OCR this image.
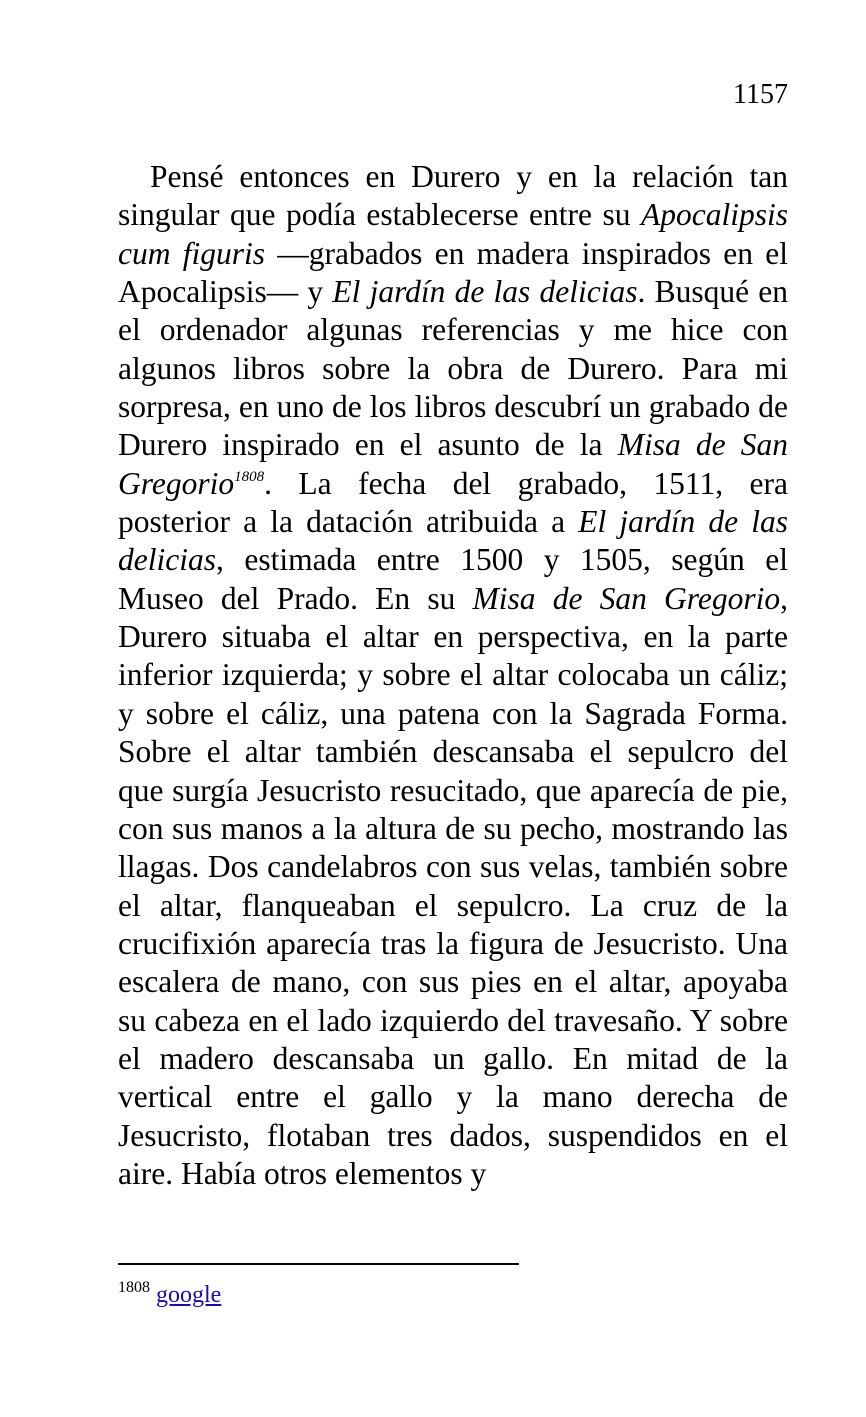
1157

Pensé entonces en Durero y en la relación tan singular que podía establecerse entre su Apocalipsis cum figuris —grabados en madera inspirados en el Apocalipsis— y El jardín de las delicias. Busqué en el ordenador algunas referencias y me hice con algunos libros sobre la obra de Durero. Para mi sorpresa, en uno de los libros descubrí un grabado de Durero inspirado en el asunto de la Misa de San Gregorio$^{1808}$. La fecha del grabado, 1511, era posterior a la datación atribuida a El jardín de las delicias, estimada entre 1500 y 1505, según el Museo del Prado. En su Misa de San Gregorio, Durero situaba el altar en perspectiva, en la parte inferior izquierda; y sobre el altar colocaba un cáliz; y sobre el cáliz, una patena con la Sagrada Forma. Sobre el altar también descansaba el sepulcro del que surgía Jesucristo resucitado, que aparecía de pie, con sus manos a la altura de su pecho, mostrando las llagas. Dos candelabros con sus velas, también sobre el altar, flanqueaban el sepulcro. La cruz de la crucifixión aparecía tras la figura de Jesucristo. Una escalera de mano, con sus pies en el altar, apoyaba su cabeza en el lado izquierdo del travesaño. Y sobre el madero descansaba un gallo. En mitad de la vertical entre el gallo y la mano derecha de Jesucristo, flotaban tres dados, suspendidos en el aire. Había otros elementos y

$^{1808}$ google
